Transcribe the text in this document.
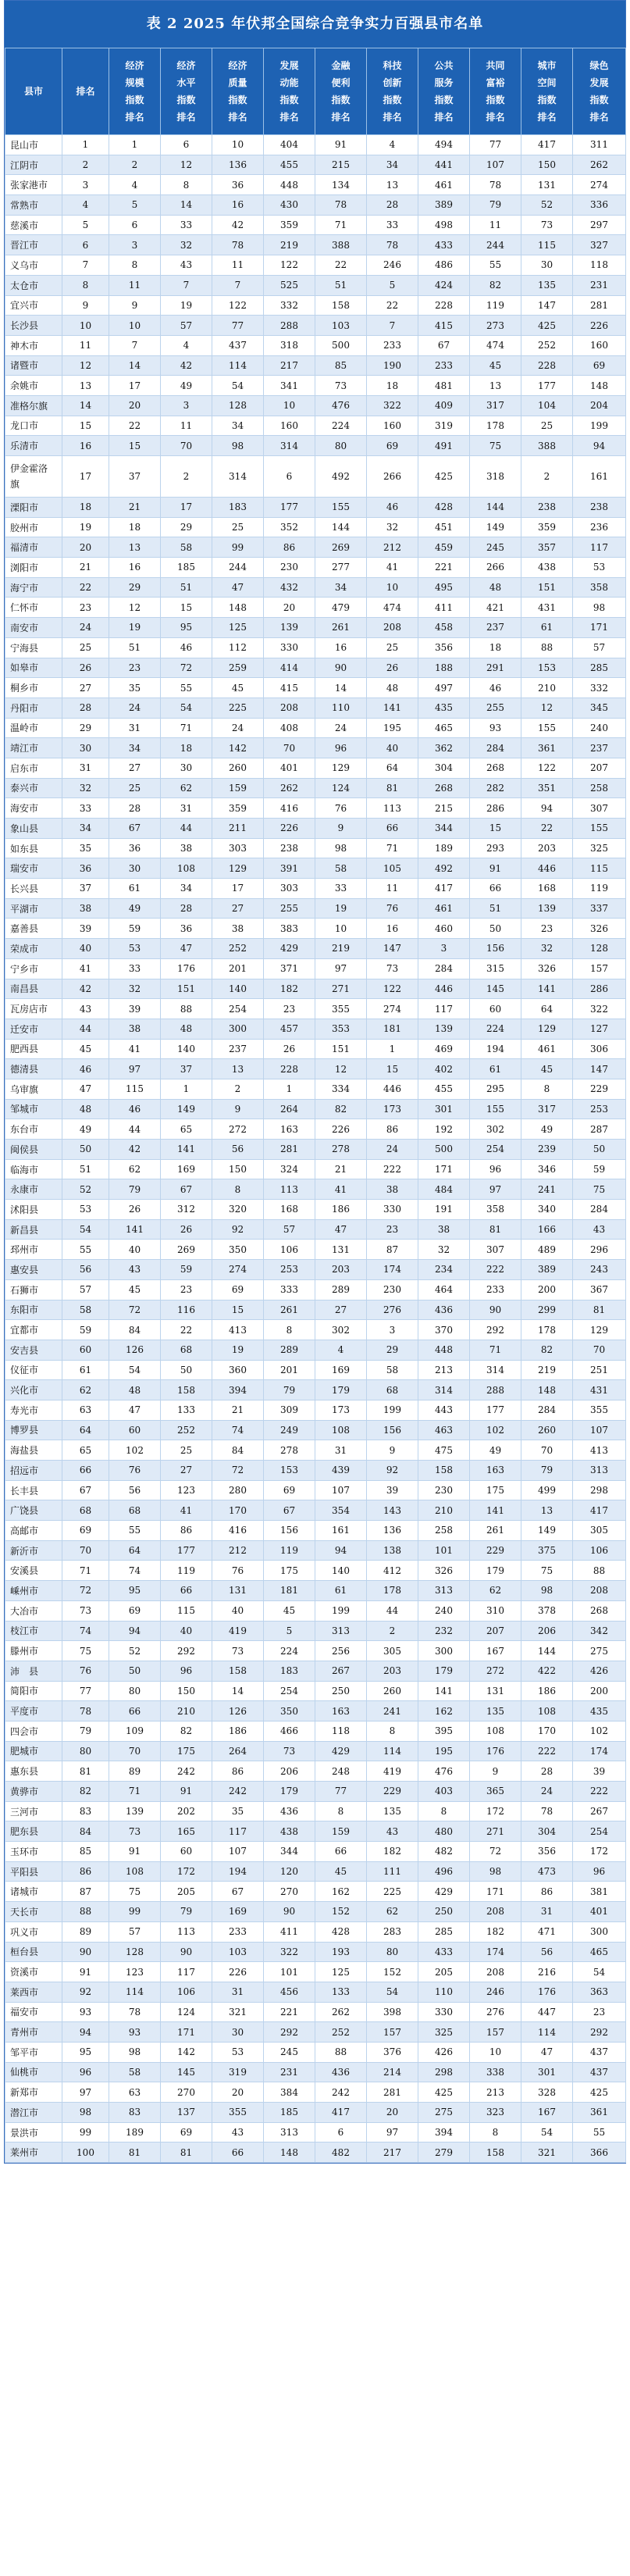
表 2 2025 年伏邦全国综合竞争实力百强县市名单
县市	排名	经济
规模
指数
排名	经济
水平
指数
排名	经济
质量
指数
排名	发展
动能
指数
排名	金融
便利
指数
排名	科技
创新
指数
排名	公共
服务
指数
排名	共同
富裕
指数
排名	城市
空间
指数
排名	绿色
发展
指数
排名
昆山市	1	1	6	10	404	91	4	494	77	417	311
江阴市	2	2	12	136	455	215	34	441	107	150	262
张家港市	3	4	8	36	448	134	13	461	78	131	274
常熟市	4	5	14	16	430	78	28	389	79	52	336
慈溪市	5	6	33	42	359	71	33	498	11	73	297
晋江市	6	3	32	78	219	388	78	433	244	115	327
义乌市	7	8	43	11	122	22	246	486	55	30	118
太仓市	8	11	7	7	525	51	5	424	82	135	231
宜兴市	9	9	19	122	332	158	22	228	119	147	281
长沙县	10	10	57	77	288	103	7	415	273	425	226
神木市	11	7	4	437	318	500	233	67	474	252	160
诸暨市	12	14	42	114	217	85	190	233	45	228	69
余姚市	13	17	49	54	341	73	18	481	13	177	148
准格尔旗	14	20	3	128	10	476	322	409	317	104	204
龙口市	15	22	11	34	160	224	160	319	178	25	199
乐清市	16	15	70	98	314	80	69	491	75	388	94
伊金霍洛
旗	17	37	2	314	6	492	266	425	318	2	161
溧阳市	18	21	17	183	177	155	46	428	144	238	238
胶州市	19	18	29	25	352	144	32	451	149	359	236
福清市	20	13	58	99	86	269	212	459	245	357	117
浏阳市	21	16	185	244	230	277	41	221	266	438	53
海宁市	22	29	51	47	432	34	10	495	48	151	358
仁怀市	23	12	15	148	20	479	474	411	421	431	98
南安市	24	19	95	125	139	261	208	458	237	61	171
宁海县	25	51	46	112	330	16	25	356	18	88	57
如皋市	26	23	72	259	414	90	26	188	291	153	285
桐乡市	27	35	55	45	415	14	48	497	46	210	332
丹阳市	28	24	54	225	208	110	141	435	255	12	345
温岭市	29	31	71	24	408	24	195	465	93	155	240
靖江市	30	34	18	142	70	96	40	362	284	361	237
启东市	31	27	30	260	401	129	64	304	268	122	207
泰兴市	32	25	62	159	262	124	81	268	282	351	258
海安市	33	28	31	359	416	76	113	215	286	94	307
象山县	34	67	44	211	226	9	66	344	15	22	155
如东县	35	36	38	303	238	98	71	189	293	203	325
瑞安市	36	30	108	129	391	58	105	492	91	446	115
长兴县	37	61	34	17	303	33	11	417	66	168	119
平湖市	38	49	28	27	255	19	76	461	51	139	337
嘉善县	39	59	36	38	383	10	16	460	50	23	326
荣成市	40	53	47	252	429	219	147	3	156	32	128
宁乡市	41	33	176	201	371	97	73	284	315	326	157
南昌县	42	32	151	140	182	271	122	446	145	141	286
瓦房店市	43	39	88	254	23	355	274	117	60	64	322
迁安市	44	38	48	300	457	353	181	139	224	129	127
肥西县	45	41	140	237	26	151	1	469	194	461	306
德清县	46	97	37	13	228	12	15	402	61	45	147
乌审旗	47	115	1	2	1	334	446	455	295	8	229
邹城市	48	46	149	9	264	82	173	301	155	317	253
东台市	49	44	65	272	163	226	86	192	302	49	287
闽侯县	50	42	141	56	281	278	24	500	254	239	50
临海市	51	62	169	150	324	21	222	171	96	346	59
永康市	52	79	67	8	113	41	38	484	97	241	75
沭阳县	53	26	312	320	168	186	330	191	358	340	284
新昌县	54	141	26	92	57	47	23	38	81	166	43
邳州市	55	40	269	350	106	131	87	32	307	489	296
惠安县	56	43	59	274	253	203	174	234	222	389	243
石狮市	57	45	23	69	333	289	230	464	233	200	367
东阳市	58	72	116	15	261	27	276	436	90	299	81
宜都市	59	84	22	413	8	302	3	370	292	178	129
安吉县	60	126	68	19	289	4	29	448	71	82	70
仪征市	61	54	50	360	201	169	58	213	314	219	251
兴化市	62	48	158	394	79	179	68	314	288	148	431
寿光市	63	47	133	21	309	173	199	443	177	284	355
博罗县	64	60	252	74	249	108	156	463	102	260	107
海盐县	65	102	25	84	278	31	9	475	49	70	413
招远市	66	76	27	72	153	439	92	158	163	79	313
长丰县	67	56	123	280	69	107	39	230	175	499	298
广饶县	68	68	41	170	67	354	143	210	141	13	417
高邮市	69	55	86	416	156	161	136	258	261	149	305
新沂市	70	64	177	212	119	94	138	101	229	375	106
安溪县	71	74	119	76	175	140	412	326	179	75	88
嵊州市	72	95	66	131	181	61	178	313	62	98	208
大冶市	73	69	115	40	45	199	44	240	310	378	268
枝江市	74	94	40	419	5	313	2	232	207	206	342
滕州市	75	52	292	73	224	256	305	300	167	144	275
沛　县	76	50	96	158	183	267	203	179	272	422	426
简阳市	77	80	150	14	254	250	260	141	131	186	200
平度市	78	66	210	126	350	163	241	162	135	108	435
四会市	79	109	82	186	466	118	8	395	108	170	102
肥城市	80	70	175	264	73	429	114	195	176	222	174
惠东县	81	89	242	86	206	248	419	476	9	28	39
黄骅市	82	71	91	242	179	77	229	403	365	24	222
三河市	83	139	202	35	436	8	135	8	172	78	267
肥东县	84	73	165	117	438	159	43	480	271	304	254
玉环市	85	91	60	107	344	66	182	482	72	356	172
平阳县	86	108	172	194	120	45	111	496	98	473	96
诸城市	87	75	205	67	270	162	225	429	171	86	381
天长市	88	99	79	169	90	152	62	250	208	31	401
巩义市	89	57	113	233	411	428	283	285	182	471	300
桓台县	90	128	90	103	322	193	80	433	174	56	465
资溪市	91	123	117	226	101	125	152	205	208	216	54
莱西市	92	114	106	31	456	133	54	110	246	176	363
福安市	93	78	124	321	221	262	398	330	276	447	23
青州市	94	93	171	30	292	252	157	325	157	114	292
邹平市	95	98	142	53	245	88	376	426	10	47	437
仙桃市	96	58	145	319	231	436	214	298	338	301	437
新郑市	97	63	270	20	384	242	281	425	213	328	425
潜江市	98	83	137	355	185	417	20	275	323	167	361
景洪市	99	189	69	43	313	6	97	394	8	54	55
莱州市	100	81	81	66	148	482	217	279	158	321	366
